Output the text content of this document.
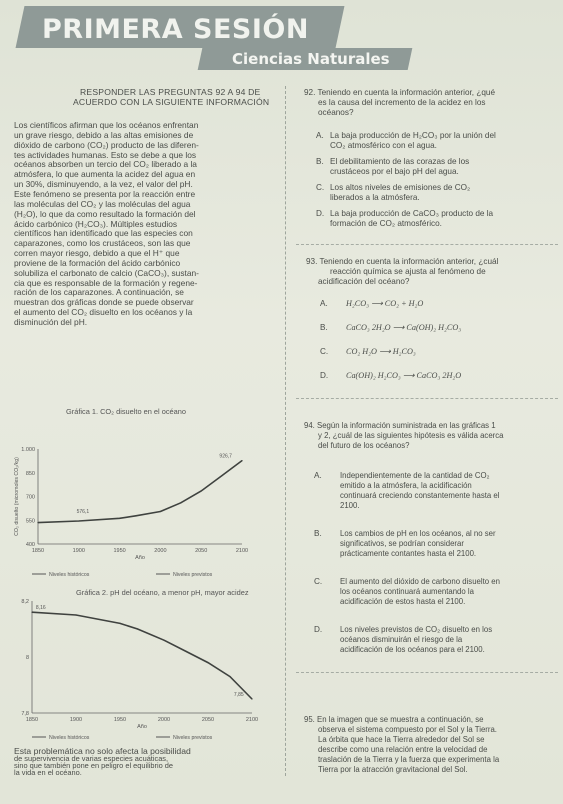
PRIMERA SESIÓN
Ciencias Naturales
RESPONDER LAS PREGUNTAS 92 A 94 DE
ACUERDO CON LA SIGUIENTE INFORMACIÓN
Los científicos afirman que los océanos enfrentan
un grave riesgo, debido a las altas emisiones de
dióxido de carbono (CO₂) producto de las diferen-
tes actividades humanas. Esto se debe a que los
océanos absorben un tercio del CO₂ liberado a la
atmósfera, lo que aumenta la acidez del agua en
un 30%, disminuyendo, a la vez, el valor del pH.
Este fenómeno se presenta por la reacción entre
las moléculas del CO₂ y las moléculas del agua
(H₂O), lo que da como resultado la formación del
ácido carbónico (H₂CO₃). Múltiples estudios
científicos han identificado que las especies con
caparazones, como los crustáceos, son las que
corren mayor riesgo, debido a que el H⁺ que
proviene de la formación del ácido carbónico
solubiliza el carbonato de calcio (CaCO₃), sustan-
cia que es responsable de la formación y regene-
ración de los caparazones. A continuación, se
muestran dos gráficas donde se puede observar
el aumento del CO₂ disuelto en los océanos y la
disminución del pH.
Gráfica 1. CO₂ disuelto en el océano
1850	1900	1950	2000	2050	2100
400
550
700
850
1.000
Año
CO₂ disuelto (micromoles CO₂/kg)
926,7
576,1
Niveles históricos	Niveles previstos
Gráfica 2. pH del océano, a menor pH, mayor acidez
1850	1900	1950	2000	2050	2100
7,8
8
8,2
Año
8,16
7,85
Niveles históricos	Niveles previstos
Esta problemática no solo afecta la posibilidad
de supervivencia de varias especies acuáticas,
sino que también pone en peligro el equilibrio de
la vida en el océano.
92. Teniendo en cuenta la información anterior, ¿qué
es la causa del incremento de la acidez en los
océanos?
A. La baja producción de H₂CO₃ por la unión del
CO₂ atmosférico con el agua.
B. El debilitamiento de las corazas de los
crustáceos por el bajo pH del agua.
C. Los altos niveles de emisiones de CO₂
liberados a la atmósfera.
D. La baja producción de CaCO₃ producto de la
formación de CO₂ atmosférico.
93. Teniendo en cuenta la información anterior, ¿cuál
reacción química se ajusta al fenómeno de
acidificación del océano?
A. H₂CO₃ ⟶ CO₂ + H₂O
B. CaCO₃ 2H₂O ⟶ Ca(OH)₂ H₂CO₃
C. CO₂ H₂O ⟶ H₂CO₃
D. Ca(OH)₂ H₂CO₃ ⟶ CaCO₃ 2H₂O
94. Según la información suministrada en las gráficas 1
y 2, ¿cuál de las siguientes hipótesis es válida acerca
del futuro de los océanos?
A. Independientemente de la cantidad de CO₂
emitido a la atmósfera, la acidificación
continuará creciendo constantemente hasta el
2100.
B. Los cambios de pH en los océanos, al no ser
significativos, se podrían considerar
prácticamente contantes hasta el 2100.
C. El aumento del dióxido de carbono disuelto en
los océanos continuará aumentando la
acidificación de estos hasta el 2100.
D. Los niveles previstos de CO₂ disuelto en los
océanos disminuirán el riesgo de la
acidificación de los océanos para el 2100.
95. En la imagen que se muestra a continuación, se
observa el sistema compuesto por el Sol y la Tierra.
La órbita que hace la Tierra alrededor del Sol se
describe como una relación entre la velocidad de
traslación de la Tierra y la fuerza que experimenta la
Tierra por la atracción gravitacional del Sol.
